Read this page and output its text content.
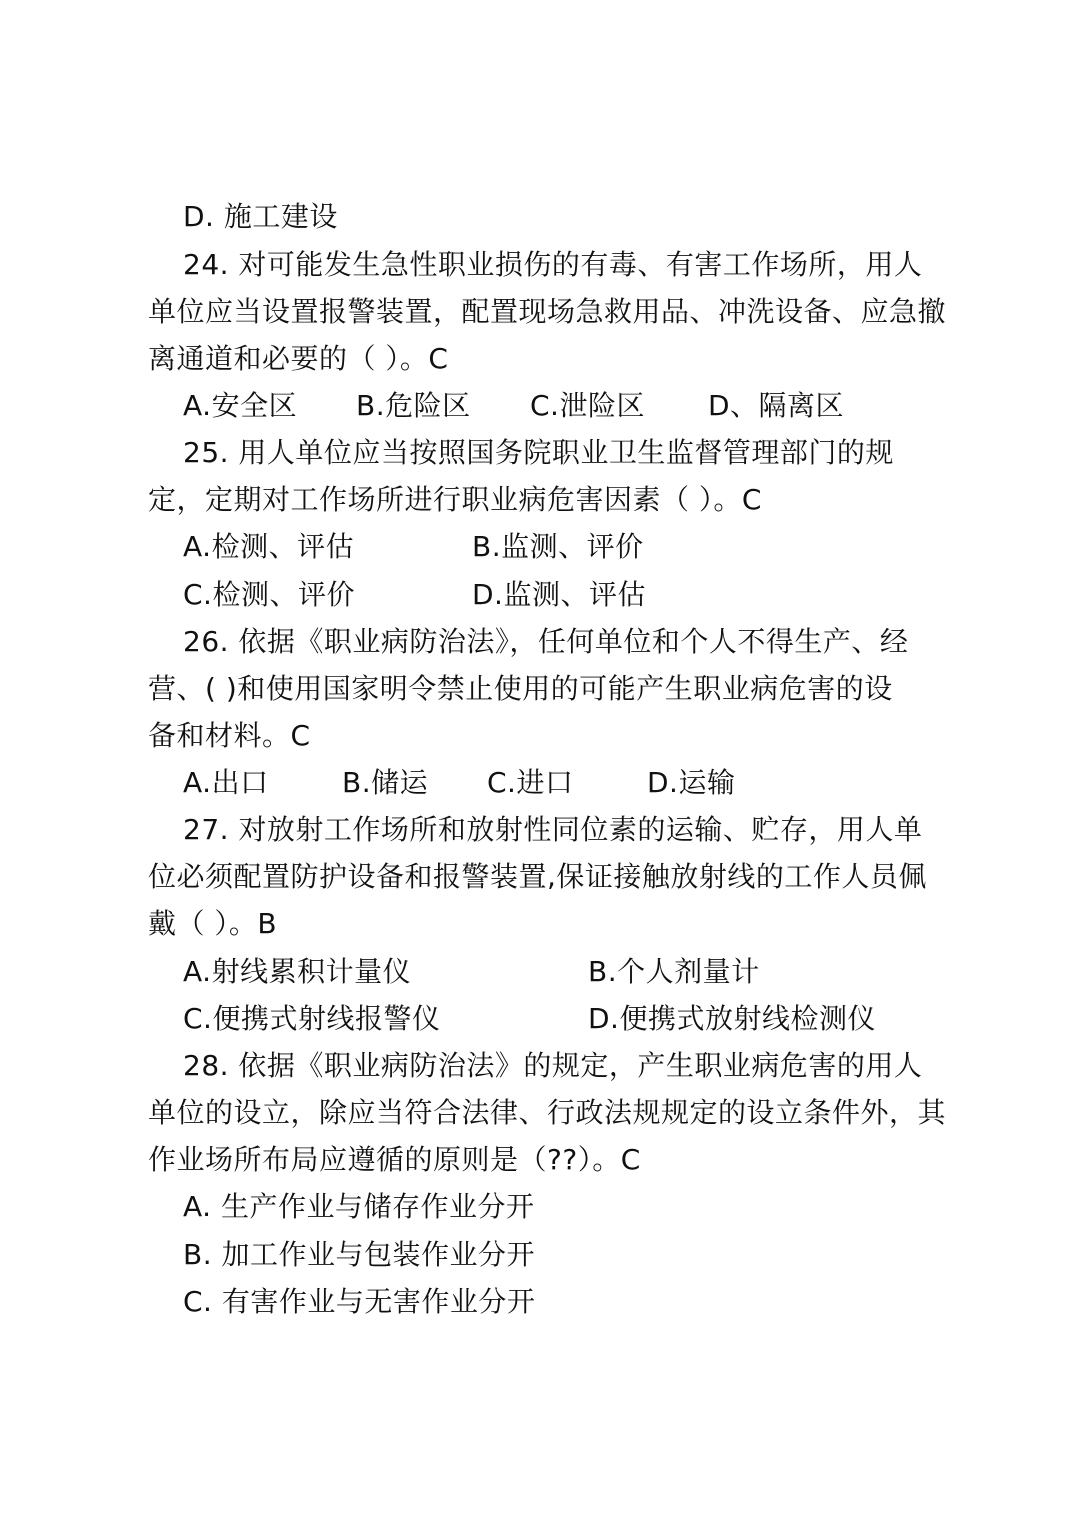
D. 施工建设
24. 对可能发生急性职业损伤的有毒、有害工作场所，用人
单位应当设置报警装置，配置现场急救用品、冲洗设备、应急撤
离通道和必要的（ ）。C
A.安全区 B.危险区 C.泄险区 D、隔离区
25. 用人单位应当按照国务院职业卫生监督管理部门的规
定，定期对工作场所进行职业病危害因素（ ）。C
A.检测、评估	B.监测、评价
C.检测、评价	D.监测、评估
26. 依据《职业病防治法》，任何单位和个人不得生产、经
营、( )和使用国家明令禁止使用的可能产生职业病危害的设
备和材料。C
A.出口	B.储运 C.进口	D.运输
27. 对放射工作场所和放射性同位素的运输、贮存，用人单
位必须配置防护设备和报警装置,保证接触放射线的工作人员佩
戴（ ）。B
A.射线累积计量仪	B.个人剂量计
C.便携式射线报警仪	D.便携式放射线检测仪
28. 依据《职业病防治法》的规定，产生职业病危害的用人
单位的设立，除应当符合法律、行政法规规定的设立条件外，其
作业场所布局应遵循的原则是（??）。C
A. 生产作业与储存作业分开
B. 加工作业与包装作业分开
C. 有害作业与无害作业分开
